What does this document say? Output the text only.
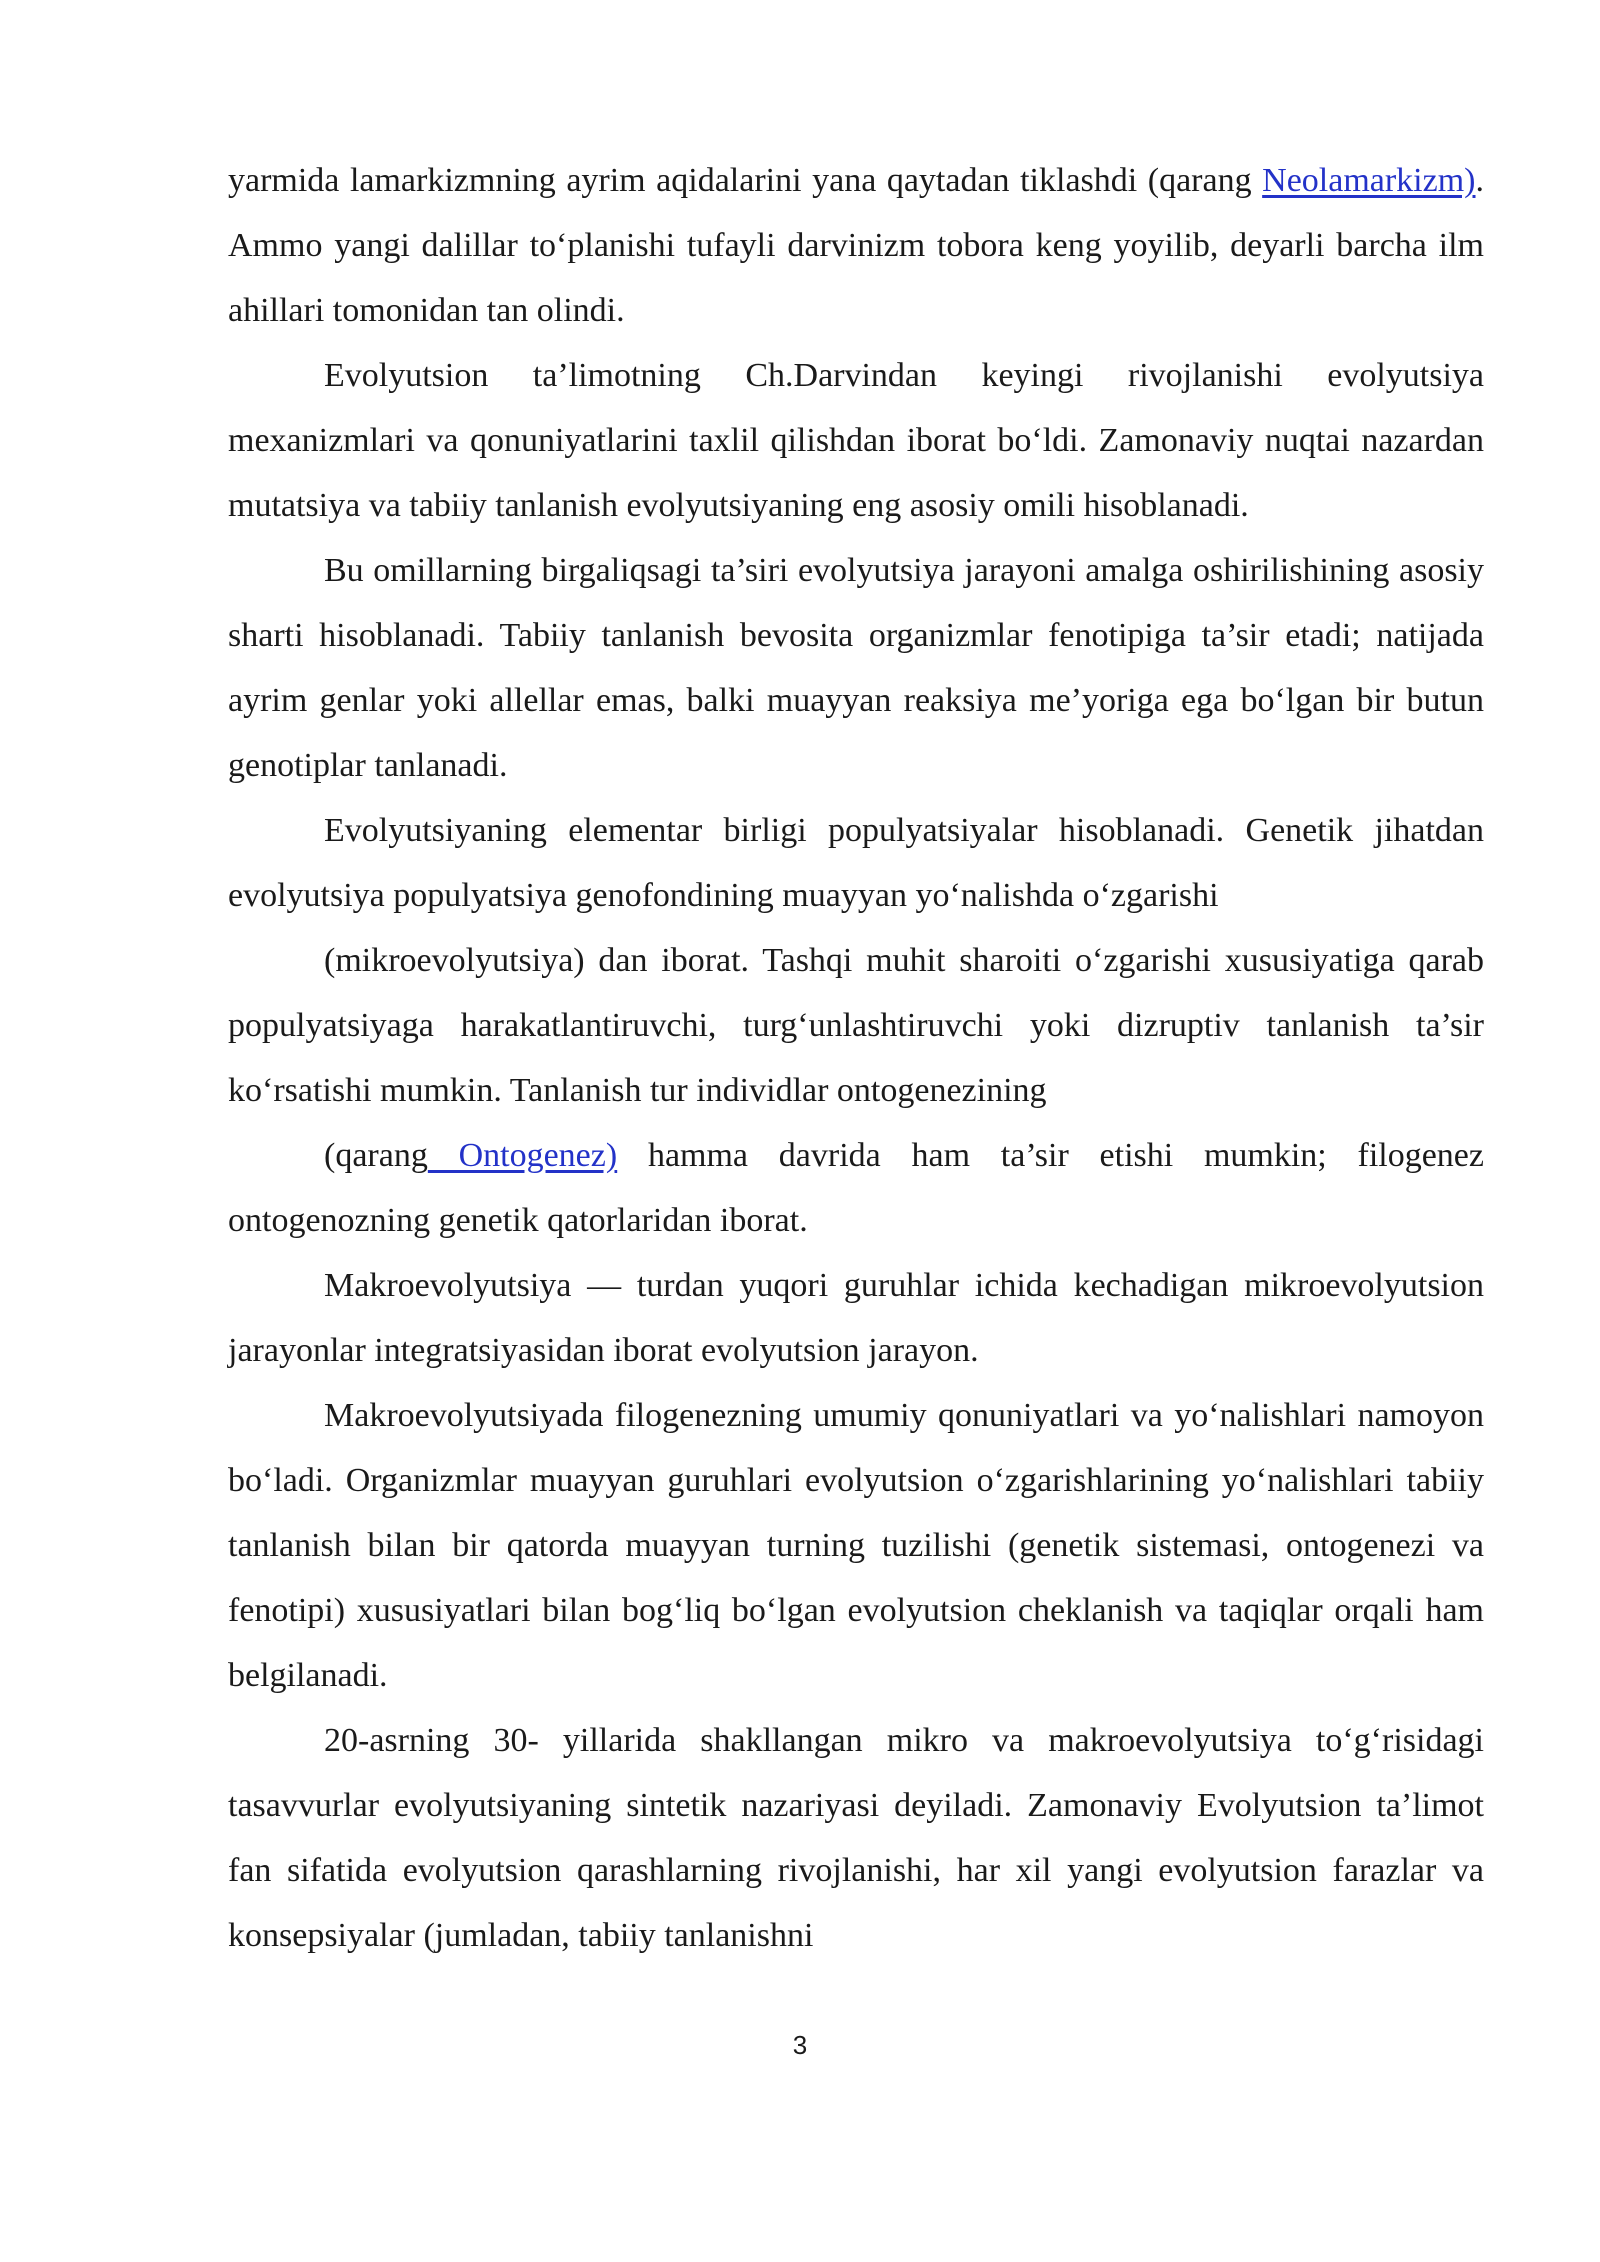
yarmida lamarkizmning ayrim aqidalarini yana qaytadan tiklashdi (qarang Neolamarkizm). Ammo yangi dalillar to‘planishi tufayli darvinizm tobora keng yoyilib, deyarli barcha ilm ahillari tomonidan tan olindi.

Evolyutsion ta’limotning Ch.Darvindan keyingi rivojlanishi evolyutsiya mexanizmlari va qonuniyatlarini taxlil qilishdan iborat bo‘ldi. Zamonaviy nuqtai nazardan mutatsiya va tabiiy tanlanish evolyutsiyaning eng asosiy omili hisoblanadi.

Bu omillarning birgaliqsagi ta’siri evolyutsiya jarayoni amalga oshirilishining asosiy sharti hisoblanadi. Tabiiy tanlanish bevosita organizmlar fenotipiga ta’sir etadi; natijada ayrim genlar yoki allellar emas, balki muayyan reaksiya me’yoriga ega bo‘lgan bir butun genotiplar tanlanadi.

Evolyutsiyaning elementar birligi populyatsiyalar hisoblanadi. Genetik jihatdan evolyutsiya populyatsiya genofondining muayyan yo‘nalishda o‘zgarishi

(mikroevolyutsiya) dan iborat. Tashqi muhit sharoiti o‘zgarishi xususiyatiga qarab populyatsiyaga harakatlantiruvchi, turg‘unlashtiruvchi yoki dizruptiv tanlanish ta’sir ko‘rsatishi mumkin. Tanlanish tur individlar ontogenezining

(qarang Ontogenez) hamma davrida ham ta’sir etishi mumkin; filogenez ontogenozning genetik qatorlaridan iborat.

Makroevolyutsiya — turdan yuqori guruhlar ichida kechadigan mikroevolyutsion jarayonlar integratsiyasidan iborat evolyutsion jarayon.

Makroevolyutsiyada filogenezning umumiy qonuniyatlari va yo‘nalishlari namoyon bo‘ladi. Organizmlar muayyan guruhlari evolyutsion o‘zgarishlarining yo‘nalishlari tabiiy tanlanish bilan bir qatorda muayyan turning tuzilishi (genetik sistemasi, ontogenezi va fenotipi) xususiyatlari bilan bog‘liq bo‘lgan evolyutsion cheklanish va taqiqlar orqali ham belgilanadi.

20-asrning 30- yillarida shakllangan mikro va makroevolyutsiya to‘g‘risidagi tasavvurlar evolyutsiyaning sintetik nazariyasi deyiladi. Zamonaviy Evolyutsion ta’limot fan sifatida evolyutsion qarashlarning rivojlanishi, har xil yangi evolyutsion farazlar va konsepsiyalar (jumladan, tabiiy tanlanishni

3
